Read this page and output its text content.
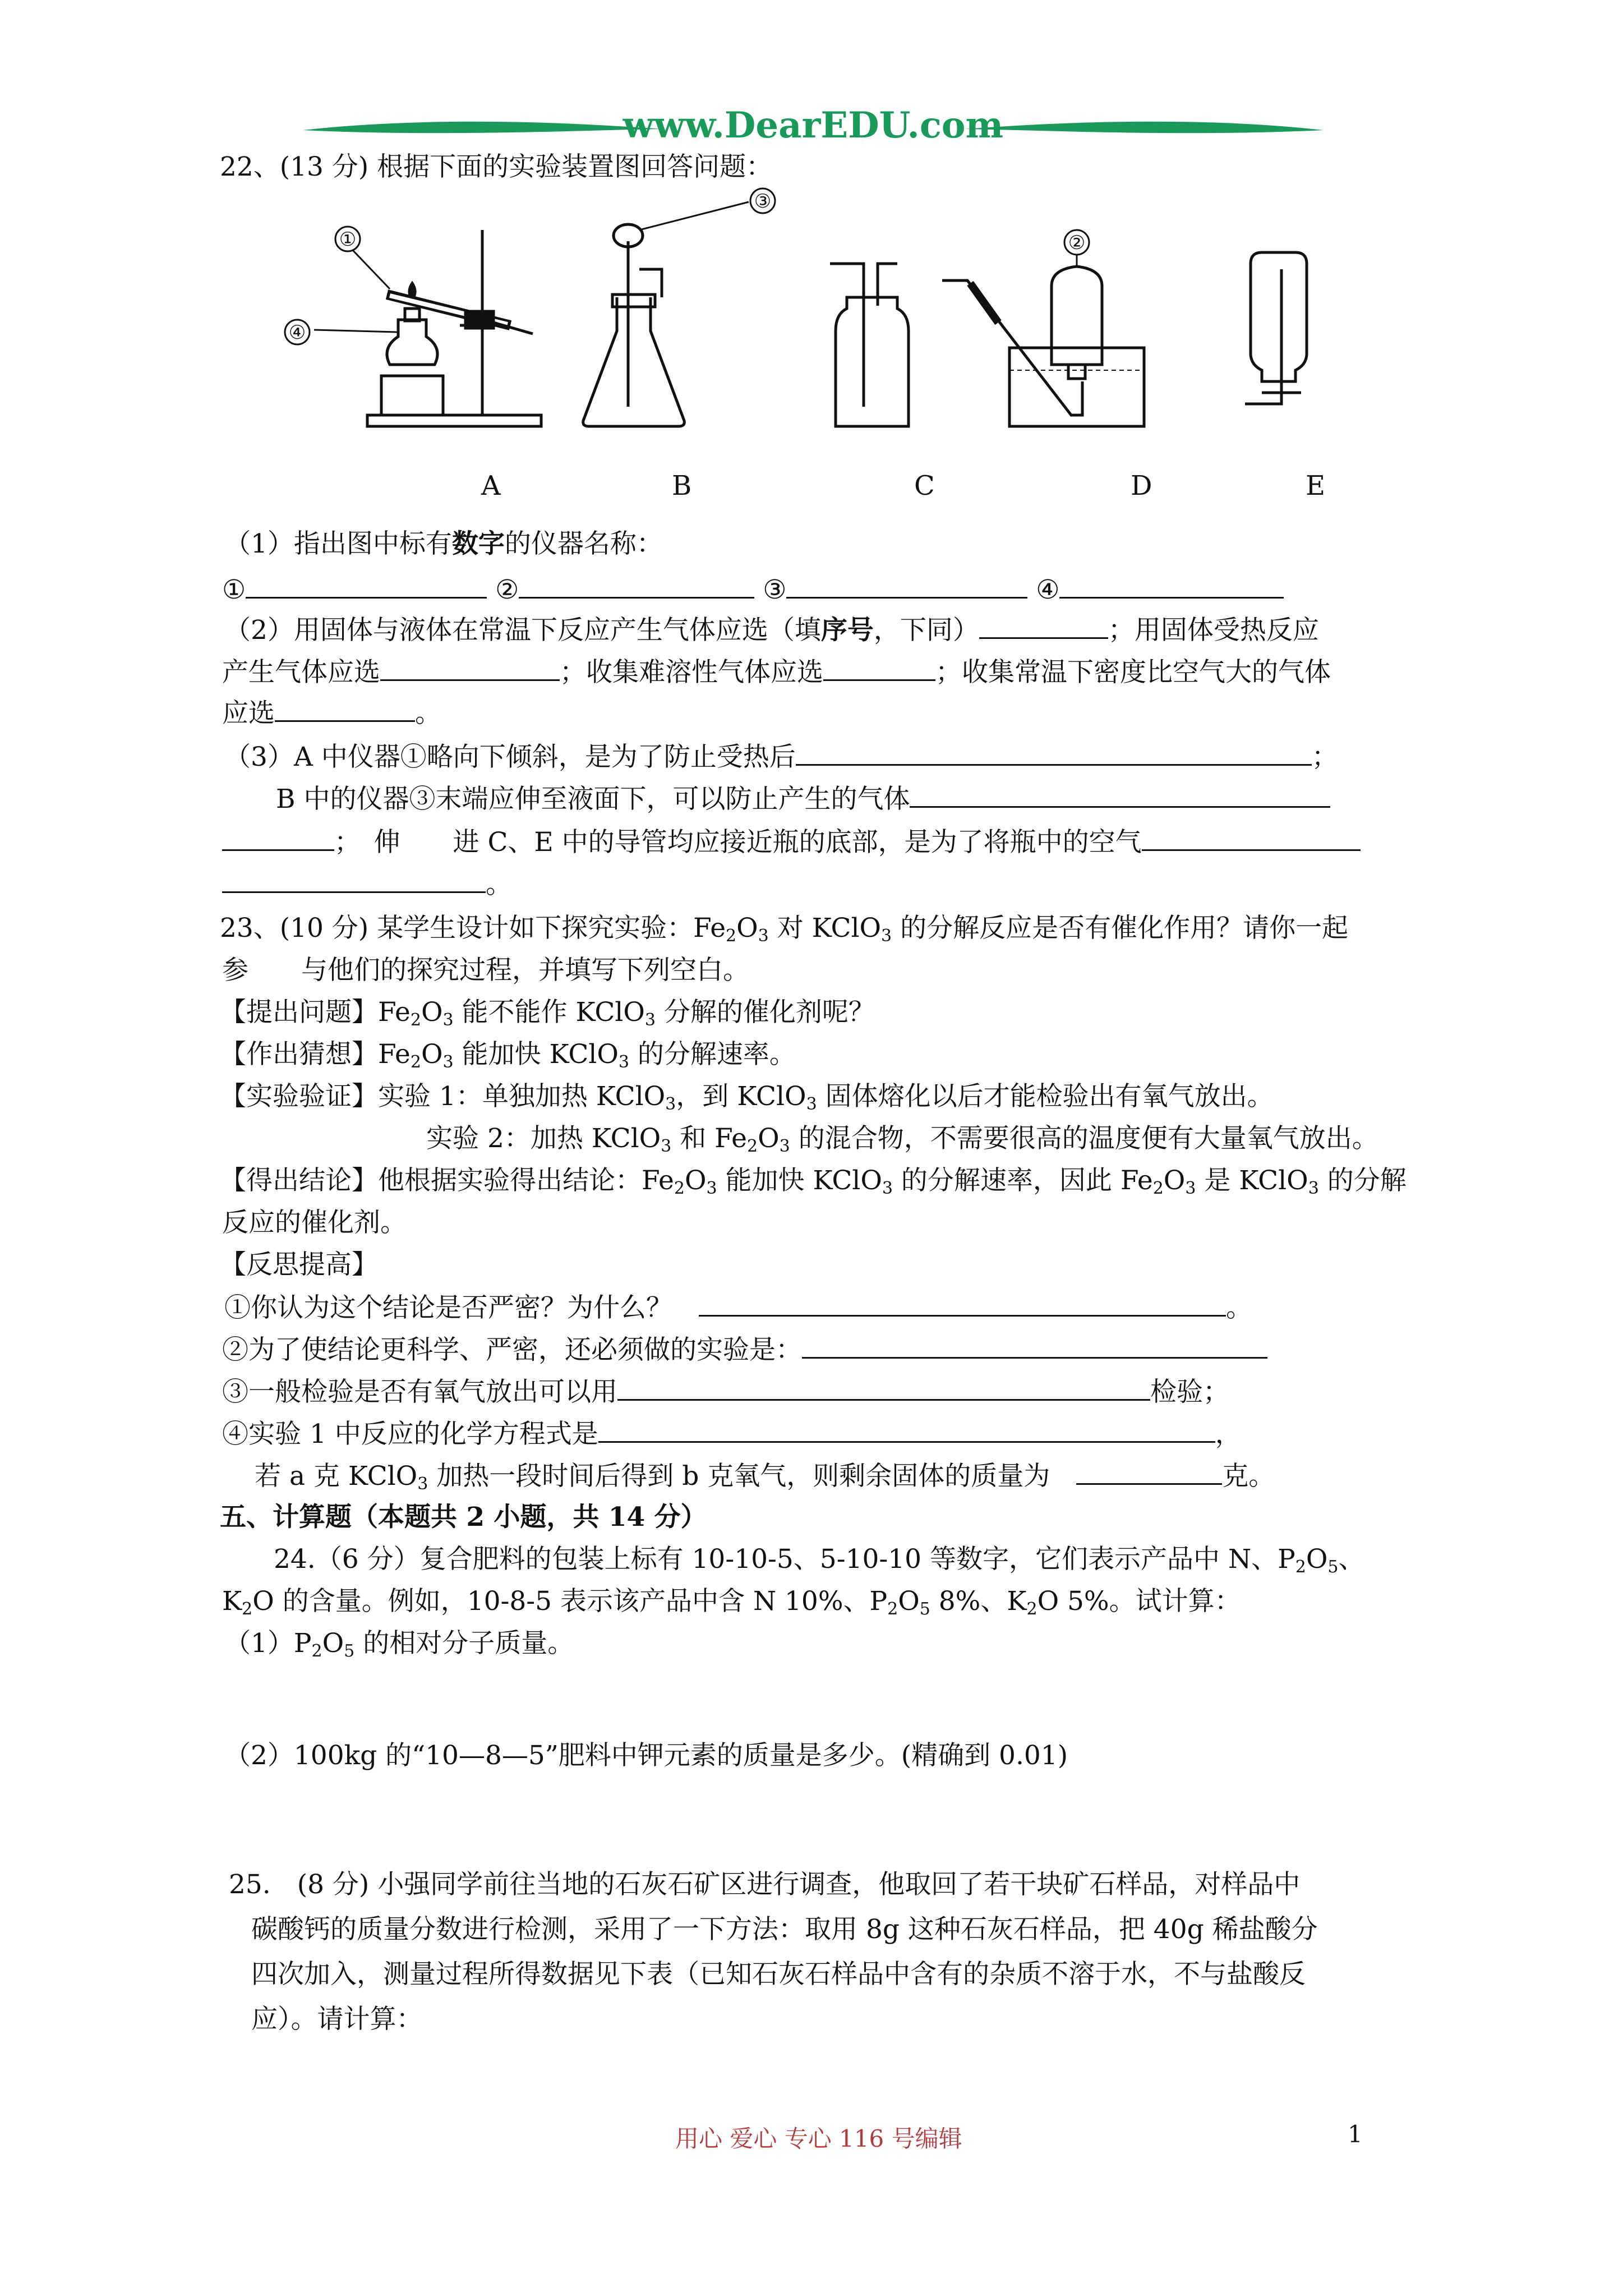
www.DearEDU.com
22、(13 分) 根据下面的实验装置图回答问题：
①
④
③
②
A	B	C	D	E
（1）指出图中标有数字的仪器名称：
①	②	③	④
（2）用固体与液体在常温下反应产生气体应选（填序号，下同）	；用固体受热反应
产生气体应选	；收集难溶性气体应选	；收集常温下密度比空气大的气体
应选	。
（3）A 中仪器①略向下倾斜，是为了防止受热后	；
B 中的仪器③末端应伸至液面下，可以防止产生的气体
；　 伸　　 进 C、E 中的导管均应接近瓶的底部，是为了将瓶中的空气
。
23、(10 分) 某学生设计如下探究实验：$Fe_2O_3$ 对 KClO$_3$ 的分解反应是否有催化作用？请你一起
参　　与他们的探究过程，并填写下列空白。
【提出问题】$Fe_2O_3$ 能不能作 KClO$_3$ 分解的催化剂呢？
【作出猜想】$Fe_2O_3$ 能加快 KClO$_3$ 的分解速率。
【实验验证】实验 1：单独加热 KClO$_3$，到 KClO$_3$ 固体熔化以后才能检验出有氧气放出。
实验 2：加热 KClO$_3$ 和 $Fe_2O_3$ 的混合物，不需要很高的温度便有大量氧气放出。
【得出结论】他根据实验得出结论：$Fe_2O_3$ 能加快 KClO$_3$ 的分解速率，因此 $Fe_2O_3$ 是 KClO$_3$ 的分解
反应的催化剂。
【反思提高】
①你认为这个结论是否严密？为什么？　	。
②为了使结论更科学、严密，还必须做的实验是：
③一般检验是否有氧气放出可以用	检验；
④实验 1 中反应的化学方程式是	，
若 a 克 KClO$_3$ 加热一段时间后得到 b 克氧气，则剩余固体的质量为　	克。
五、计算题（本题共 2 小题，共 14 分）
24.（6 分）复合肥料的包装上标有 10-10-5、5-10-10 等数字，它们表示产品中 N、$P_2O_5$、
$K_2O$ 的含量。例如，10-8-5 表示该产品中含 N 10%、$P_2O_5$ 8%、$K_2O$ 5%。试计算：
$(1)P_2O_5$ 的相对分子质量。
（2）100kg 的“10—8—5”肥料中钾元素的质量是多少。(精确到 0.01)
25.　(8 分) 小强同学前往当地的石灰石矿区进行调查，他取回了若干块矿石样品，对样品中
碳酸钙的质量分数进行检测，采用了一下方法：取用 8g 这种石灰石样品，把 40g 稀盐酸分
四次加入，测量过程所得数据见下表（已知石灰石样品中含有的杂质不溶于水，不与盐酸反
应）。请计算：
用心 爱心 专心 116 号编辑	1
